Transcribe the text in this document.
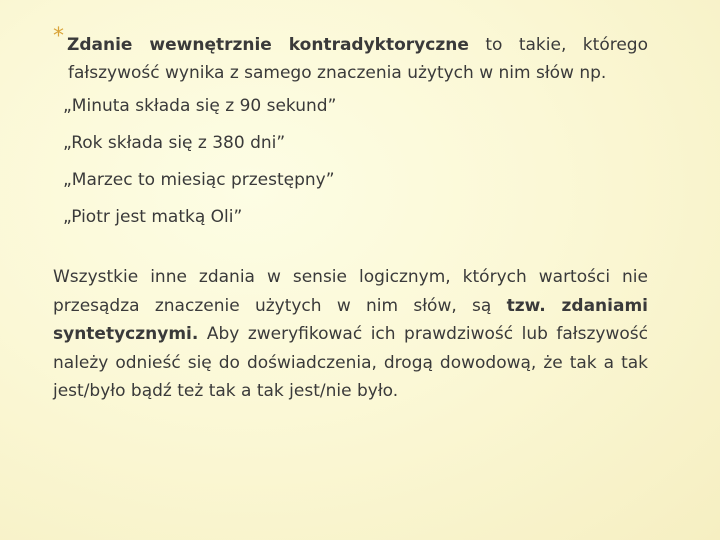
* Zdanie wewnętrznie kontradyktoryczne to takie, którego
fałszywość wynika z samego znaczenia użytych w nim słów np.
„Minuta składa się z 90 sekund”
„Rok składa się z 380 dni”
„Marzec to miesiąc przestępny”
„Piotr jest matką Oli”
Wszystkie inne zdania w sensie logicznym, których wartości nie przesądza znaczenie użytych w nim słów, są tzw. zdaniami syntetycznymi. Aby zweryfikować ich prawdziwość lub fałszywość należy odnieść się do doświadczenia, drogą dowodową, że tak a tak jest/było bądź też tak a tak jest/nie było.
